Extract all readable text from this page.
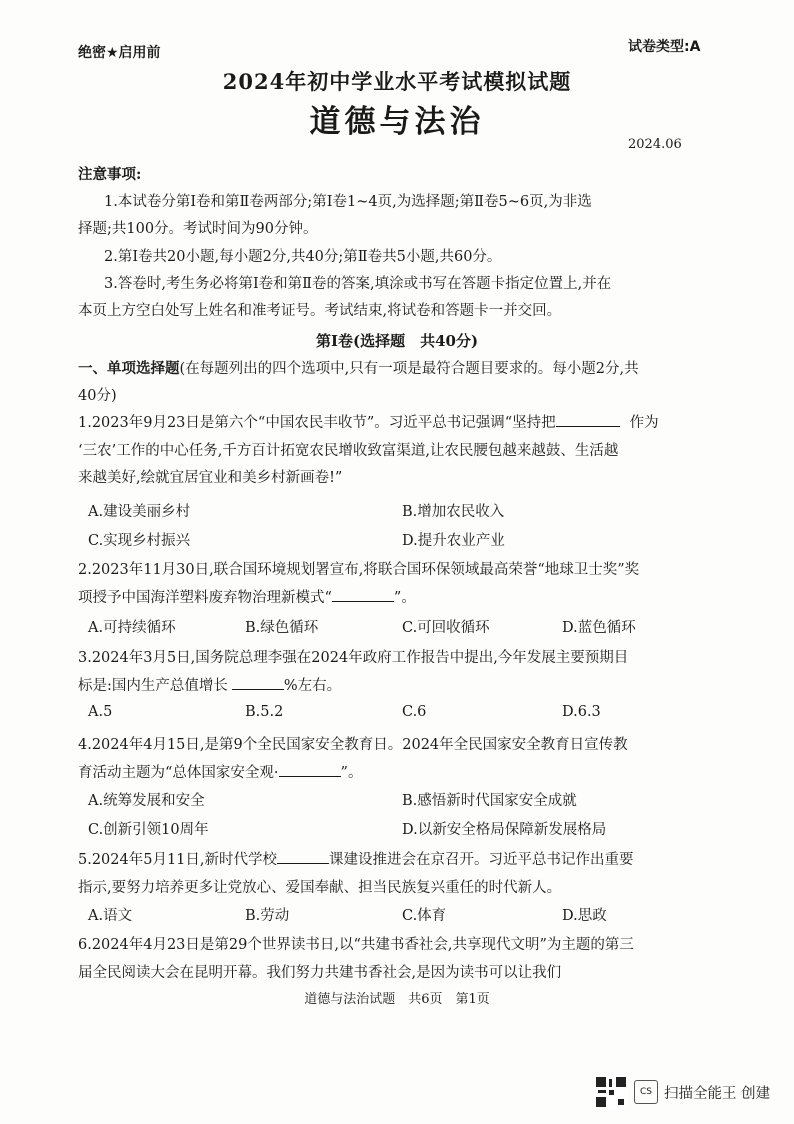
绝密★启用前	试卷类型:A
2024年初中学业水平考试模拟试题
道德与法治
2024.06
注意事项:
1.本试卷分第Ⅰ卷和第Ⅱ卷两部分;第Ⅰ卷1~4页,为选择题;第Ⅱ卷5~6页,为非选
择题;共100分。考试时间为90分钟。
2.第Ⅰ卷共20小题,每小题2分,共40分;第Ⅱ卷共5小题,共60分。
3.答卷时,考生务必将第Ⅰ卷和第Ⅱ卷的答案,填涂或书写在答题卡指定位置上,并在
本页上方空白处写上姓名和准考证号。考试结束,将试卷和答题卡一并交回。
第Ⅰ卷(选择题　共40分)
一、单项选择题(在每题列出的四个选项中,只有一项是最符合题目要求的。每小题2分,共
40分)
1.2023年9月23日是第六个“中国农民丰收节”。习近平总书记强调“坚持把	作为
‘三农’工作的中心任务,千方百计拓宽农民增收致富渠道,让农民腰包越来越鼓、生活越
来越美好,绘就宜居宜业和美乡村新画卷!”
A.建设美丽乡村	B.增加农民收入
C.实现乡村振兴	D.提升农业产业
2.2023年11月30日,联合国环境规划署宣布,将联合国环保领域最高荣誉“地球卫士奖”奖
项授予中国海洋塑料废弃物治理新模式“	”。
A.可持续循环	B.绿色循环	C.可回收循环	D.蓝色循环
3.2024年3月5日,国务院总理李强在2024年政府工作报告中提出,今年发展主要预期目
标是:国内生产总值增长	%左右。
A.5	B.5.2	C.6	D.6.3
4.2024年4月15日,是第9个全民国家安全教育日。2024年全民国家安全教育日宣传教
育活动主题为“总体国家安全观·	”。
A.统筹发展和安全	B.感悟新时代国家安全成就
C.创新引领10周年	D.以新安全格局保障新发展格局
5.2024年5月11日,新时代学校	课建设推进会在京召开。习近平总书记作出重要
指示,要努力培养更多让党放心、爱国奉献、担当民族复兴重任的时代新人。
A.语文	B.劳动	C.体育	D.思政
6.2024年4月23日是第29个世界读书日,以“共建书香社会,共享现代文明”为主题的第三
届全民阅读大会在昆明开幕。我们努力共建书香社会,是因为读书可以让我们
道德与法治试题　共6页　第1页
CS 扫描全能王 创建
